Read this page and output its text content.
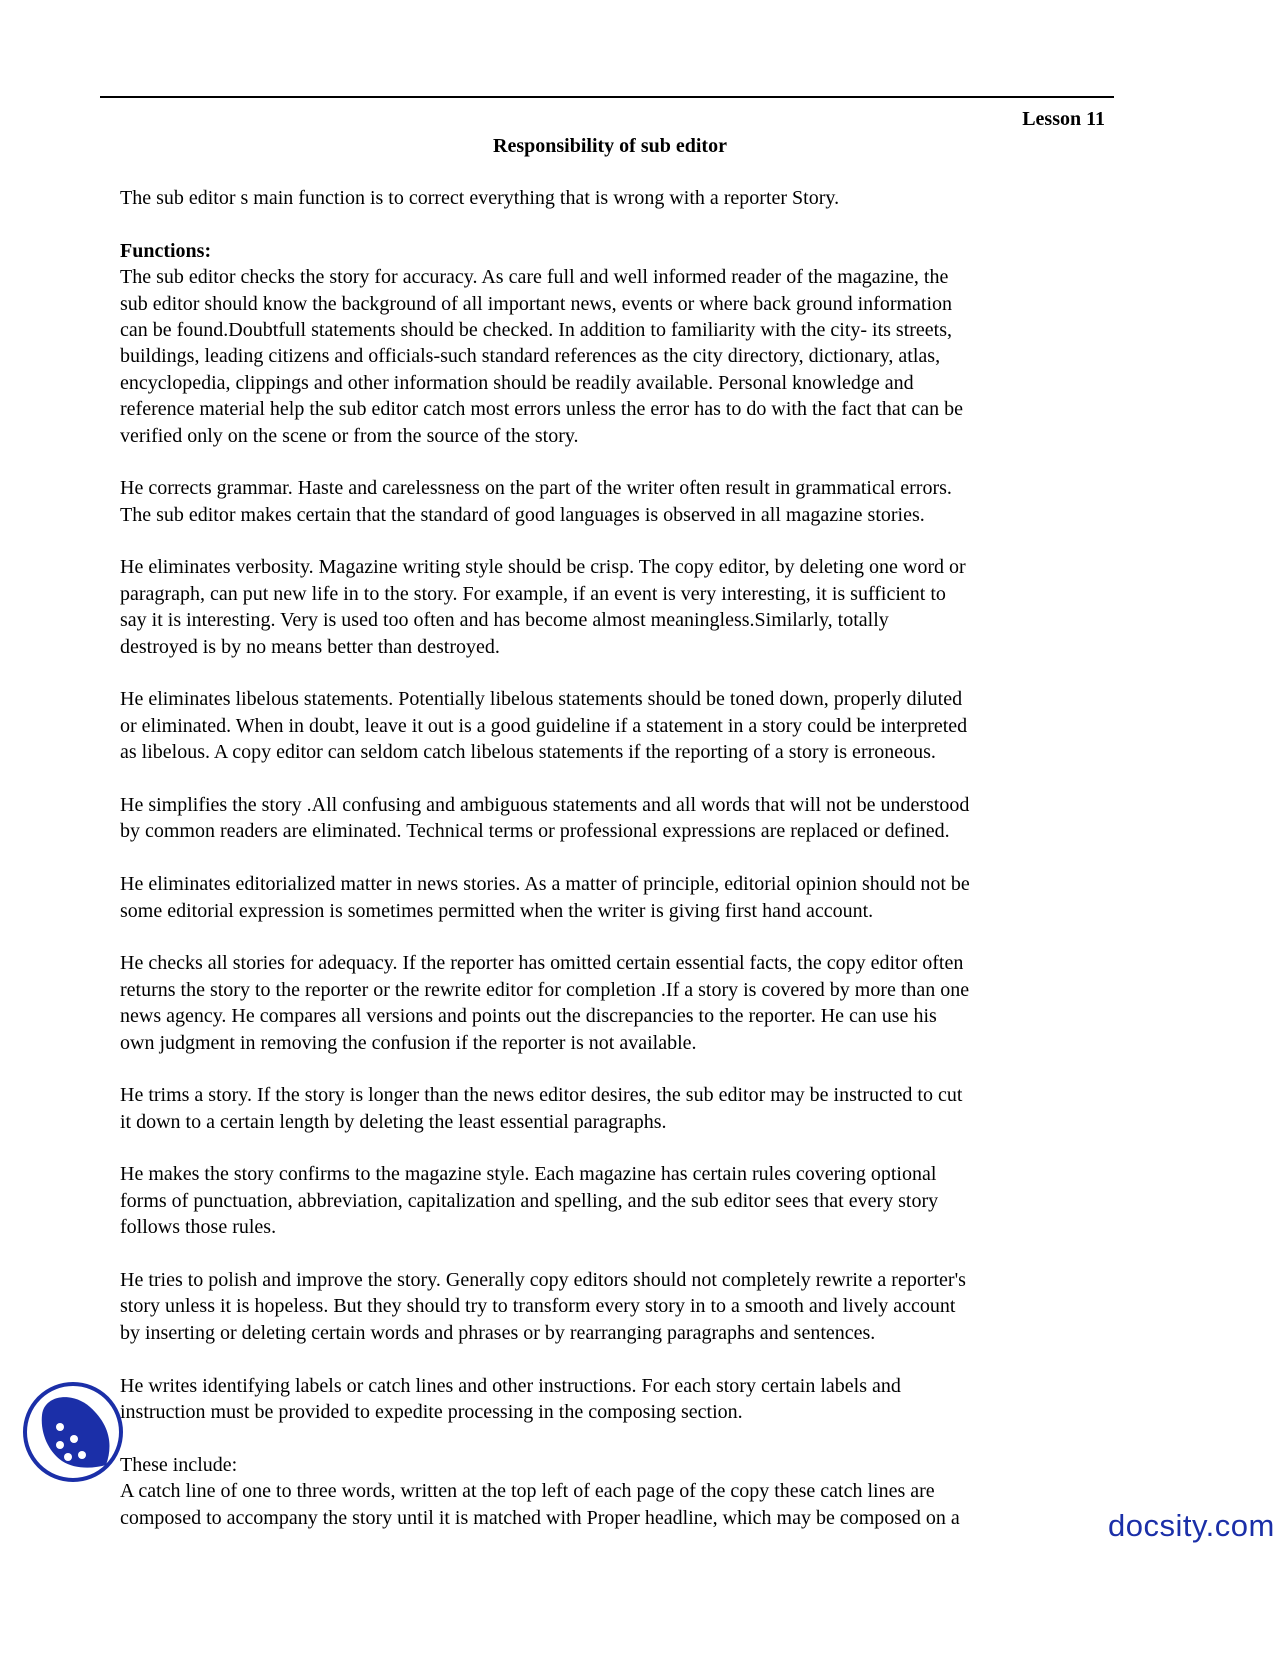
Lesson 11
Responsibility of sub editor
The sub editor s main function is to correct everything that is wrong with a reporter Story.
Functions:
The sub editor checks the story for accuracy. As care full and well informed reader of the magazine, the
sub editor should know the background of all important news, events or where back ground information
can be found.Doubtfull statements should be checked. In addition to familiarity with the city- its streets,
buildings, leading citizens and officials-such standard references as the city directory, dictionary, atlas,
encyclopedia, clippings and other information should be readily available. Personal knowledge and
reference material help the sub editor catch most errors unless the error has to do with the fact that can be
verified only on the scene or from the source of the story.
He corrects grammar. Haste and carelessness on the part of the writer often result in grammatical errors.
The sub editor makes certain that the standard of good languages is observed in all magazine stories.
He eliminates verbosity. Magazine writing style should be crisp. The copy editor, by deleting one word or
paragraph, can put new life in to the story. For example, if an event is very interesting, it is sufficient to
say it is interesting. Very is used too often and has become almost meaningless.Similarly, totally
destroyed is by no means better than destroyed.
He eliminates libelous statements. Potentially libelous statements should be toned down, properly diluted
or eliminated. When in doubt, leave it out is a good guideline if a statement in a story could be interpreted
as libelous. A copy editor can seldom catch libelous statements if the reporting of a story is erroneous.
He simplifies the story .All confusing and ambiguous statements and all words that will not be understood
by common readers are eliminated. Technical terms or professional expressions are replaced or defined.
He eliminates editorialized matter in news stories. As a matter of principle, editorial opinion should not be
some editorial expression is sometimes permitted when the writer is giving first hand account.
He checks all stories for adequacy. If the reporter has omitted certain essential facts, the copy editor often
returns the story to the reporter or the rewrite editor for completion .If a story is covered by more than one
news agency. He compares all versions and points out the discrepancies to the reporter. He can use his
own judgment in removing the confusion if the reporter is not available.
He trims a story. If the story is longer than the news editor desires, the sub editor may be instructed to cut
it down to a certain length by deleting the least essential paragraphs.
He makes the story confirms to the magazine style. Each magazine has certain rules covering optional
forms of punctuation, abbreviation, capitalization and spelling, and the sub editor sees that every story
follows those rules.
He tries to polish and improve the story. Generally copy editors should not completely rewrite a reporter's
story unless it is hopeless. But they should try to transform every story in to a smooth and lively account
by inserting or deleting certain words and phrases or by rearranging paragraphs and sentences.
He writes identifying labels or catch lines and other instructions. For each story certain labels and
instruction must be provided to expedite processing in the composing section.
These include:
A catch line of one to three words, written at the top left of each page of the copy these catch lines are
composed to accompany the story until it is matched with Proper headline, which may be composed on a	docsity.com
